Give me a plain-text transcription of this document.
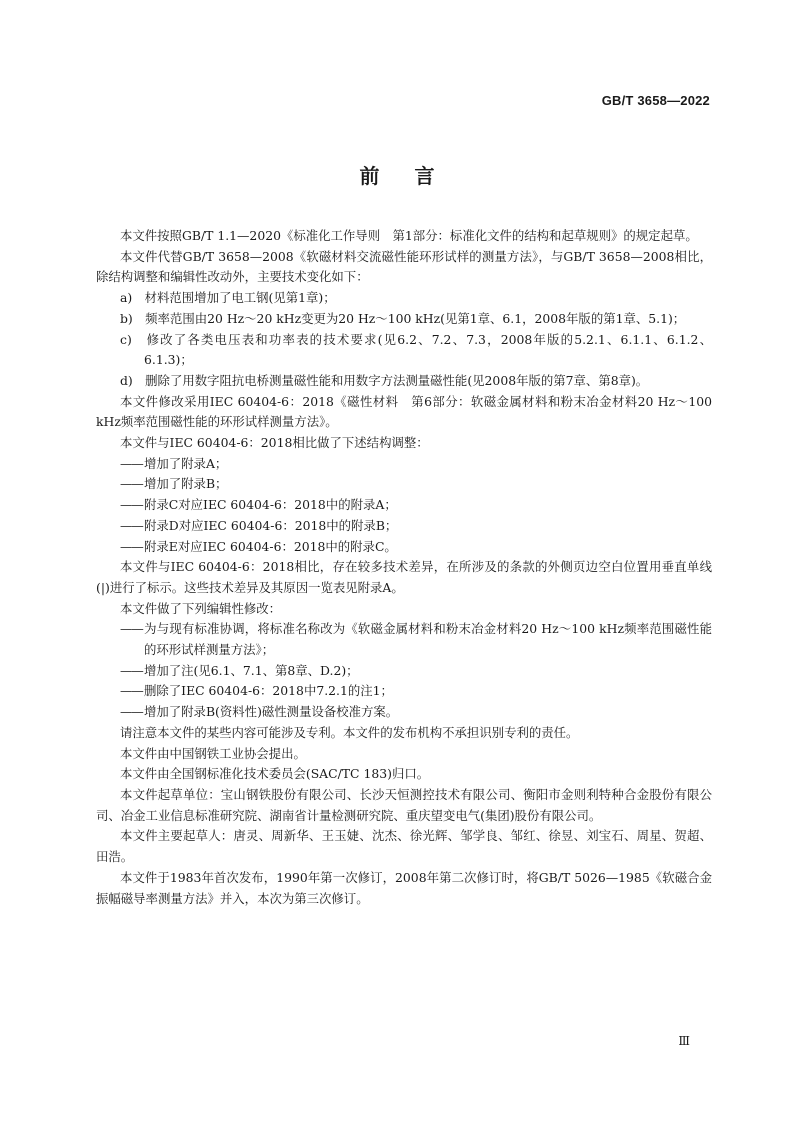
GB/T 3658—2022
前 言

本文件按照GB/T 1.1—2020《标准化工作导则　第1部分：标准化文件的结构和起草规则》的规定起草。

本文件代替GB/T 3658—2008《软磁材料交流磁性能环形试样的测量方法》，与GB/T 3658—2008相比，除结构调整和编辑性改动外，主要技术变化如下：

a)　 材料范围增加了电工钢(见第1章)；

b)　 频率范围由20 Hz～20 kHz变更为20 Hz～100 kHz(见第1章、6.1，2008年版的第1章、5.1)；

c)　 修改了各类电压表和功率表的技术要求(见6.2、7.2、7.3，2008年版的5.2.1、6.1.1、6.1.2、6.1.3)；

d)　 删除了用数字阻抗电桥测量磁性能和用数字方法测量磁性能(见2008年版的第7章、第8章)。

本文件修改采用IEC 60404-6：2018《磁性材料　第6部分：软磁金属材料和粉末冶金材料20 Hz～100 kHz频率范围磁性能的环形试样测量方法》。

本文件与IEC 60404-6：2018相比做了下述结构调整：

——增加了附录A；

——增加了附录B；

——附录C对应IEC 60404-6：2018中的附录A；

——附录D对应IEC 60404-6：2018中的附录B；

——附录E对应IEC 60404-6：2018中的附录C。

本文件与IEC 60404-6：2018相比，存在较多技术差异，在所涉及的条款的外侧页边空白位置用垂直单线(|)进行了标示。这些技术差异及其原因一览表见附录A。

本文件做了下列编辑性修改：

——为与现有标准协调，将标准名称改为《软磁金属材料和粉末冶金材料20 Hz～100 kHz频率范围磁性能的环形试样测量方法》；

——增加了注(见6.1、7.1、第8章、D.2)；

——删除了IEC 60404-6：2018中7.2.1的注1；

——增加了附录B(资料性)磁性测量设备校准方案。

请注意本文件的某些内容可能涉及专利。本文件的发布机构不承担识别专利的责任。

本文件由中国钢铁工业协会提出。

本文件由全国钢标准化技术委员会(SAC/TC 183)归口。

本文件起草单位：宝山钢铁股份有限公司、长沙天恒测控技术有限公司、衡阳市金则利特种合金股份有限公司、冶金工业信息标准研究院、湖南省计量检测研究院、重庆望变电气(集团)股份有限公司。

本文件主要起草人：唐灵、周新华、王玉婕、沈杰、徐光辉、邹学良、邹红、徐昱、刘宝石、周星、贺超、田浩。

本文件于1983年首次发布，1990年第一次修订，2008年第二次修订时，将GB/T 5026—1985《软磁合金振幅磁导率测量方法》并入，本次为第三次修订。

Ⅲ
